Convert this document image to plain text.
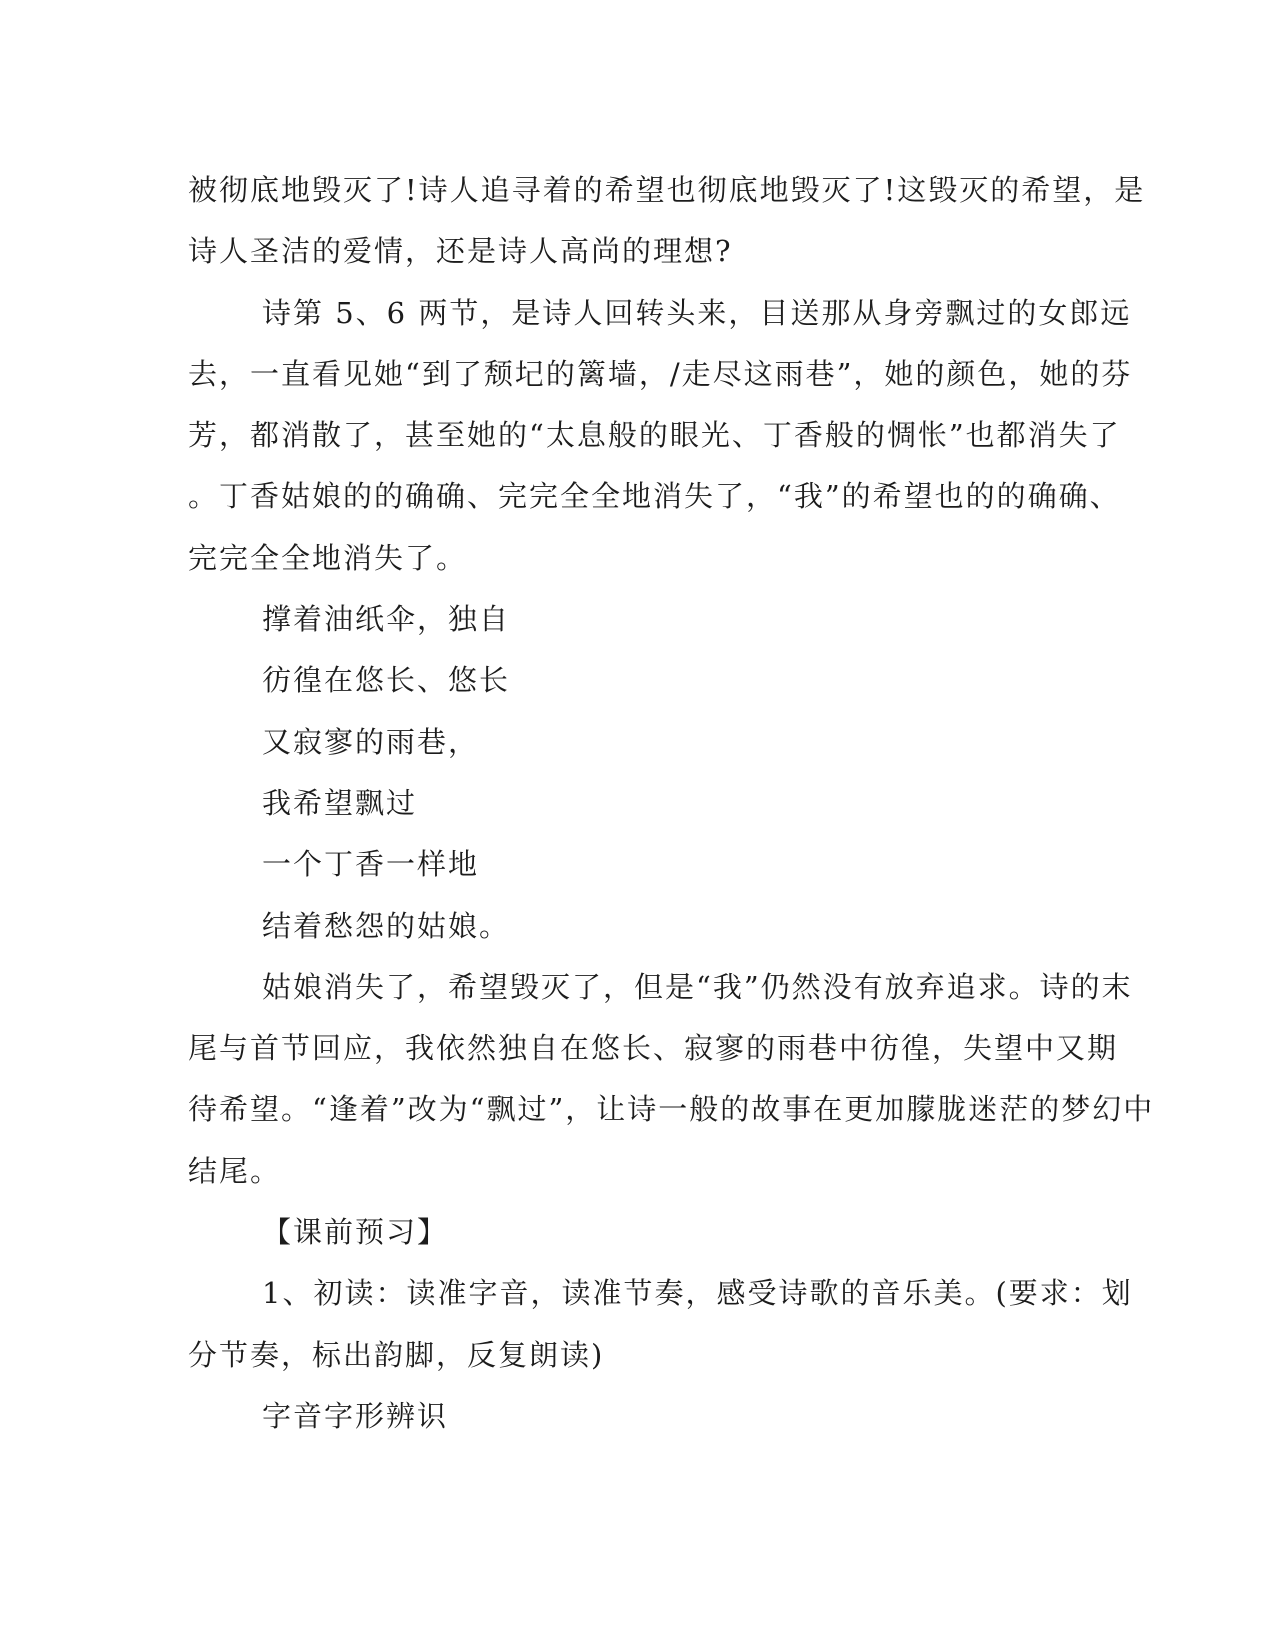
被彻底地毁灭了!诗人追寻着的希望也彻底地毁灭了!这毁灭的希望，是
诗人圣洁的爱情，还是诗人高尚的理想?
诗第 5、6 两节，是诗人回转头来，目送那从身旁飘过的女郎远
去，一直看见她“到了颓圮的篱墙，/走尽这雨巷”，她的颜色，她的芬
芳，都消散了，甚至她的“太息般的眼光、丁香般的惆怅”也都消失了
。丁香姑娘的的确确、完完全全地消失了，“我”的希望也的的确确、
完完全全地消失了。
撑着油纸伞，独自
彷徨在悠长、悠长
又寂寥的雨巷，
我希望飘过
一个丁香一样地
结着愁怨的姑娘。
姑娘消失了，希望毁灭了，但是“我”仍然没有放弃追求。诗的末
尾与首节回应，我依然独自在悠长、寂寥的雨巷中彷徨，失望中又期
待希望。“逢着”改为“飘过”，让诗一般的故事在更加朦胧迷茫的梦幻中
结尾。
【课前预习】
1、初读：读准字音，读准节奏，感受诗歌的音乐美。(要求：划
分节奏，标出韵脚，反复朗读)
字音字形辨识
